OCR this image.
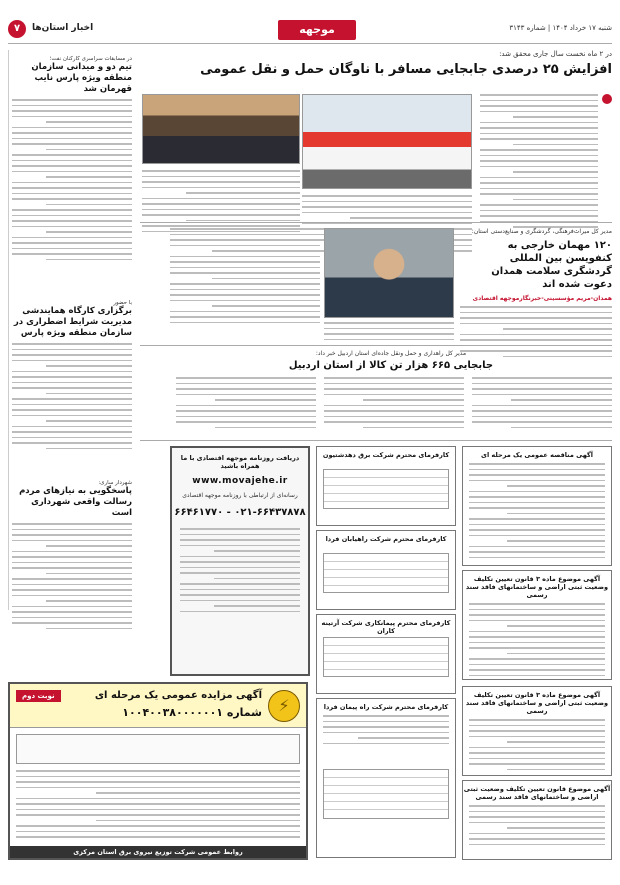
شنبه ۱۷ خرداد ۱۴۰۴ | شماره ۳۱۴۳
موجهه
اخبار استان‌ها
۷
در ۲ ماه نخست سال جاری محقق شد:
افزایش ۲۵ درصدی جابجایی مسافر با ناوگان حمل و نقل عمومی
مدیر کل میراث‌فرهنگی، گردشگری و صنایع‌دستی استان:
۱۲۰ مهمان خارجی به کنفویسن بین المللی گردشگری سلامت همدان دعوت شده اند
همدان-مریم مؤسسینی-خبرنگارموجهه اقتصادی
مدیر کل راهداری و حمل ونقل جاده‌ای استان اردبیل خبر داد:
جابجایی ۶۶۵ هزار تن کالا از استان اردبیل
در مسابقات سراسری کارکنان نفت؛
تیم دو و میدانی سازمان منطقه ویژه پارس نایب قهرمان شد
با حضور
برگزاری کارگاه همایندشی مدیریت شرایط اضطراری در سازمان منطقه ویژه پارس
شهردار ساری:
پاسخگویی به نیازهای مردم رسالت واقعی شهرداری است
آگهی مناقصه عمومی یک مرحله ای
آگهی موضوع ماده ۳ قانون تعیین تکلیف وضعیت ثبتی اراضی و ساختمانهای فاقد سند رسمی
آگهی موضوع ماده ۳ قانون تعیین تکلیف وضعیت ثبتی اراضی و ساختمانهای فاقد سند رسمی
آگهی موضوع قانون تعیین تکلیف وضعیت ثبتی اراضی و ساختمانهای فاقد سند رسمی
کارفرمای محترم شرکت برق دهدشتیون
کارفرمای محترم شرکت راهیابان فردا
کارفرمای محترم پیمانکاری شرکت آرتینه کاران
کارفرمای محترم شرکت راه پیمان فردا
دریافت روزنامه موجهه اقتصادی با ما همراه باشید
www.movajehe.ir
رسانه‌ای از ارتباطی با روزنامه موجهه اقتصادی
۰۲۱-۶۶۴۳۷۸۷۸ - ۶۶۴۶۱۷۷۰
⚡
آگهی مزایده عمومی یک مرحله ای
شماره ۱۰۰۴۰۰۳۸۰۰۰۰۰۰۱
نوبت دوم
روابط عمومی شرکت توزیع نیروی برق استان مرکزی
